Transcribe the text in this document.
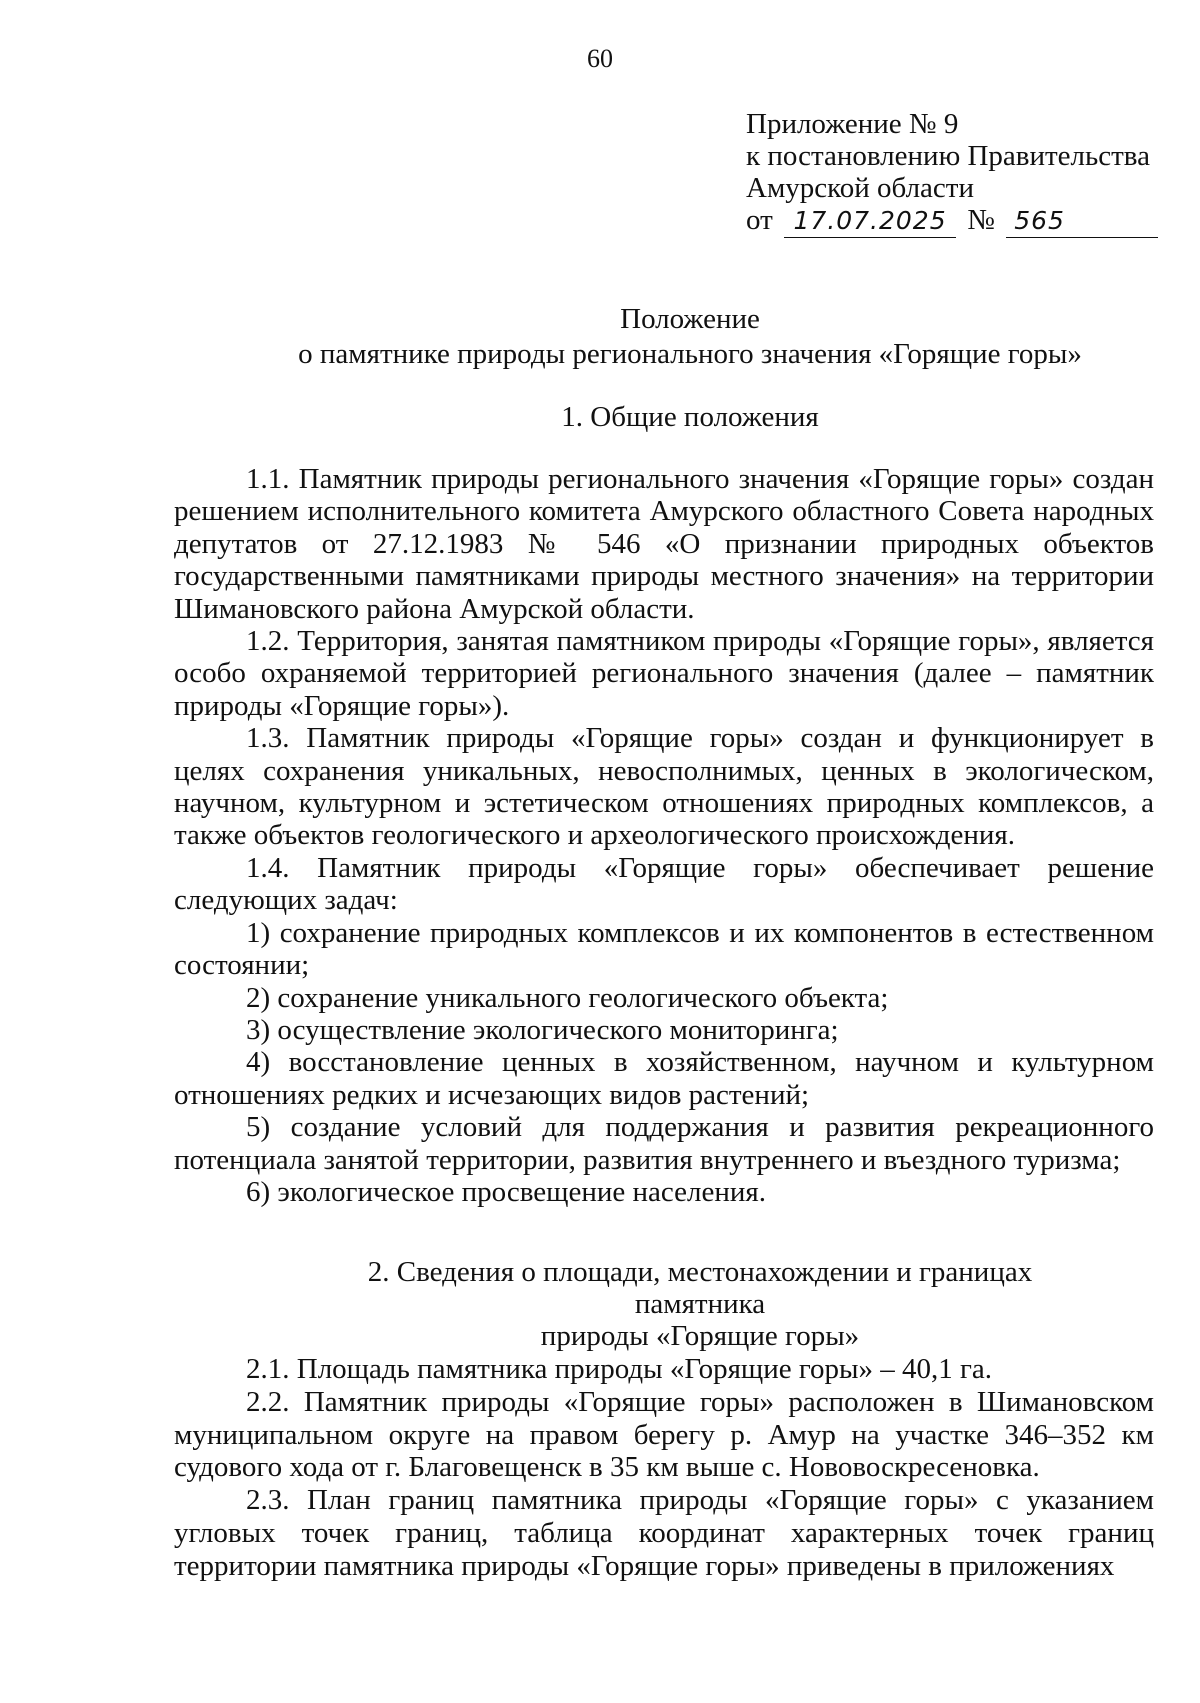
60
Приложение № 9
к постановлению Правительства
Амурской области
от 17.07.2025 № 565
Положение
о памятнике природы регионального значения «Горящие горы»
1. Общие положения

1.1. Памятник природы регионального значения «Горящие горы» создан решением исполнительного комитета Амурского областного Совета народных депутатов от 27.12.1983 № 546 «О признании природных объектов государственными памятниками природы местного значения» на территории Шимановского района Амурской области.

1.2. Территория, занятая памятником природы «Горящие горы», является особо охраняемой территорией регионального значения (далее – памятник природы «Горящие горы»).

1.3. Памятник природы «Горящие горы» создан и функционирует в целях сохранения уникальных, невосполнимых, ценных в экологическом, научном, культурном и эстетическом отношениях природных комплексов, а также объектов геологического и археологического происхождения.

1.4. Памятник природы «Горящие горы» обеспечивает решение следующих задач:

1) сохранение природных комплексов и их компонентов в естественном состоянии;

2) сохранение уникального геологического объекта;

3) осуществление экологического мониторинга;

4) восстановление ценных в хозяйственном, научном и культурном отношениях редких и исчезающих видов растений;

5) создание условий для поддержания и развития рекреационного потенциала занятой территории, развития внутреннего и въездного туризма;

6) экологическое просвещение населения.

2. Сведения о площади, местонахождении и границах памятника
природы «Горящие горы»

2.1. Площадь памятника природы «Горящие горы» – 40,1 га.

2.2. Памятник природы «Горящие горы» расположен в Шимановском муниципальном округе на правом берегу р. Амур на участке 346–352 км судового хода от г. Благовещенск в 35 км выше с. Нововоскресеновка.

2.3. План границ памятника природы «Горящие горы» с указанием угловых точек границ, таблица координат характерных точек границ территории памятника природы «Горящие горы» приведены в приложениях
